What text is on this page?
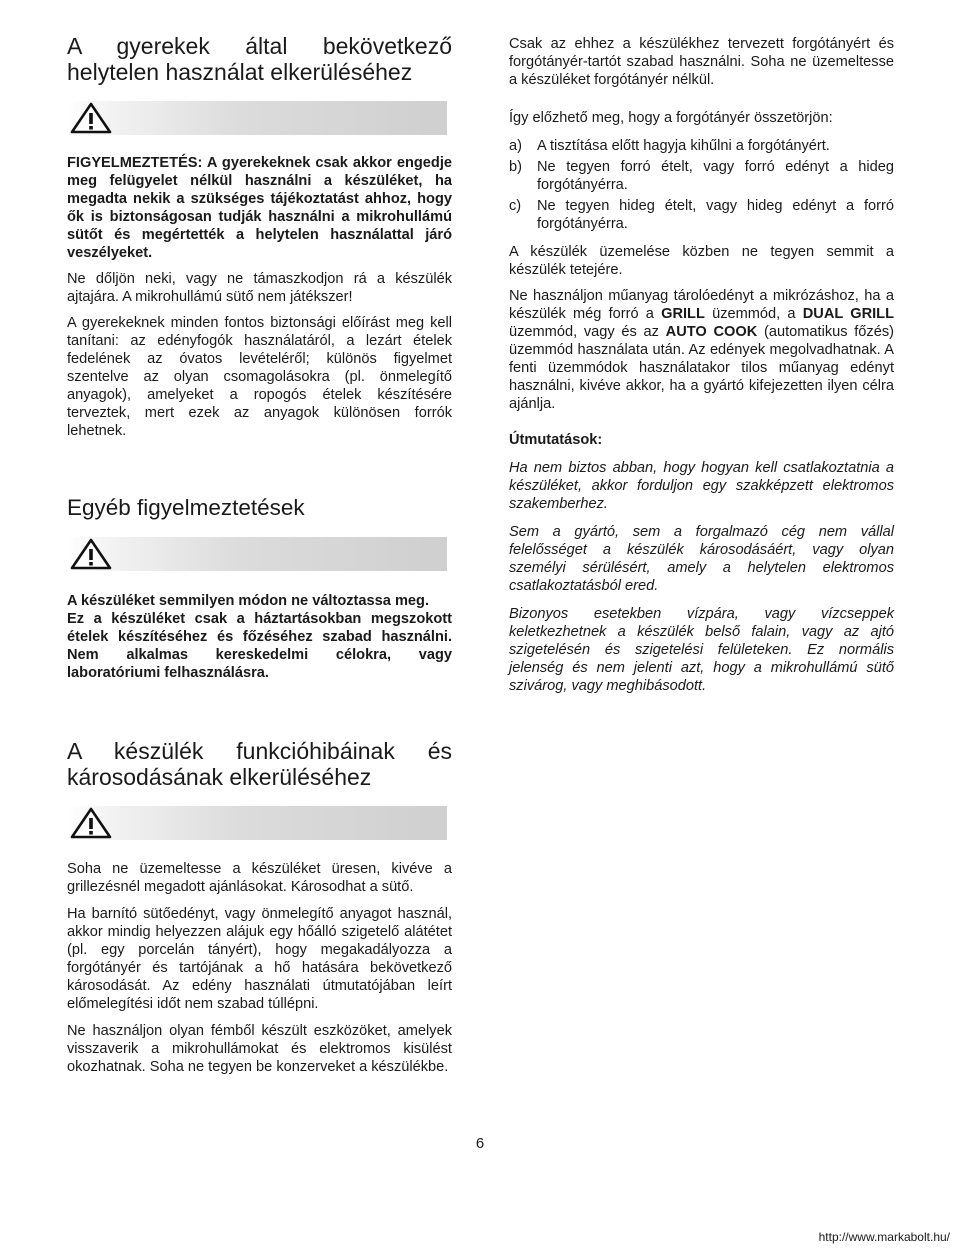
A gyerekek által bekövetkező
helytelen használat elkerüléséhez

FIGYELMEZTETÉS: A gyerekeknek csak akkor engedje meg felügyelet nélkül használni a készüléket, ha megadta nekik a szükséges tájékoztatást ahhoz, hogy ők is biztonságosan tudják használni a mikrohullámú sütőt és megértették a helytelen használattal járó veszélyeket.

Ne dőljön neki, vagy ne támaszkodjon rá a készülék ajtajára. A mikrohullámú sütő nem játékszer!

A gyerekeknek minden fontos biztonsági előírást meg kell tanítani: az edényfogók használatáról, a lezárt ételek fedelének az óvatos levételéről; különös figyelmet szentelve az olyan csomagolásokra (pl. önmelegítő anyagok), amelyeket a ropogós ételek készítésére terveztek, mert ezek az anyagok különösen forrók lehetnek.

Egyéb figyelmeztetések

A készüléket semmilyen módon ne változtassa meg.

Ez a készüléket csak a háztartásokban megszokott ételek készítéséhez és főzéséhez szabad használni. Nem alkalmas kereskedelmi célokra, vagy laboratóriumi felhasználásra.

A készülék funkcióhibáinak és
károsodásának elkerüléséhez

Soha ne üzemeltesse a készüléket üresen, kivéve a grillezésnél megadott ajánlásokat. Károsodhat a sütő.

Ha barnító sütőedényt, vagy önmelegítő anyagot használ, akkor mindig helyezzen alájuk egy hőálló szigetelő alátétet (pl. egy porcelán tányért), hogy megakadályozza a forgótányér és tartójának a hő hatására bekövetkező károsodását. Az edény használati útmutatójában leírt előmelegítési időt nem szabad túllépni.

Ne használjon olyan fémből készült eszközöket, amelyek visszaverik a mikrohullámokat és elektromos kisülést okozhatnak. Soha ne tegyen be konzerveket a készülékbe.

Csak az ehhez a készülékhez tervezett forgótányért és forgótányér-tartót szabad használni. Soha ne üzemeltesse a készüléket forgótányér nélkül.

Így előzhető meg, hogy a forgótányér összetörjön:

a) A tisztítása előtt hagyja kihűlni a forgótányért.

b) Ne tegyen forró ételt, vagy forró edényt a hideg forgótányérra.

c) Ne tegyen hideg ételt, vagy hideg edényt a forró forgótányérra.

A készülék üzemelése közben ne tegyen semmit a készülék tetejére.

Ne használjon műanyag tárolóedényt a mikrózáshoz, ha a készülék még forró a GRILL üzemmód, a DUAL GRILL üzemmód, vagy és az AUTO COOK (automatikus főzés) üzemmód használata után. Az edények megolvadhatnak. A fenti üzemmódok használatakor tilos műanyag edényt használni, kivéve akkor, ha a gyártó kifejezetten ilyen célra ajánlja.

Útmutatások:

Ha nem biztos abban, hogy hogyan kell csatlakoztatnia a készüléket, akkor forduljon egy szakképzett elektromos szakemberhez.

Sem a gyártó, sem a forgalmazó cég nem vállal felelősséget a készülék károsodásáért, vagy olyan személyi sérülésért, amely a helytelen elektromos csatlakoztatásból ered.

Bizonyos esetekben vízpára, vagy vízcseppek keletkezhetnek a készülék belső falain, vagy az ajtó szigetelésén és szigetelési felületeken. Ez normális jelenség és nem jelenti azt, hogy a mikrohullámú sütő szivárog, vagy meghibásodott.

6
http://www.markabolt.hu/
